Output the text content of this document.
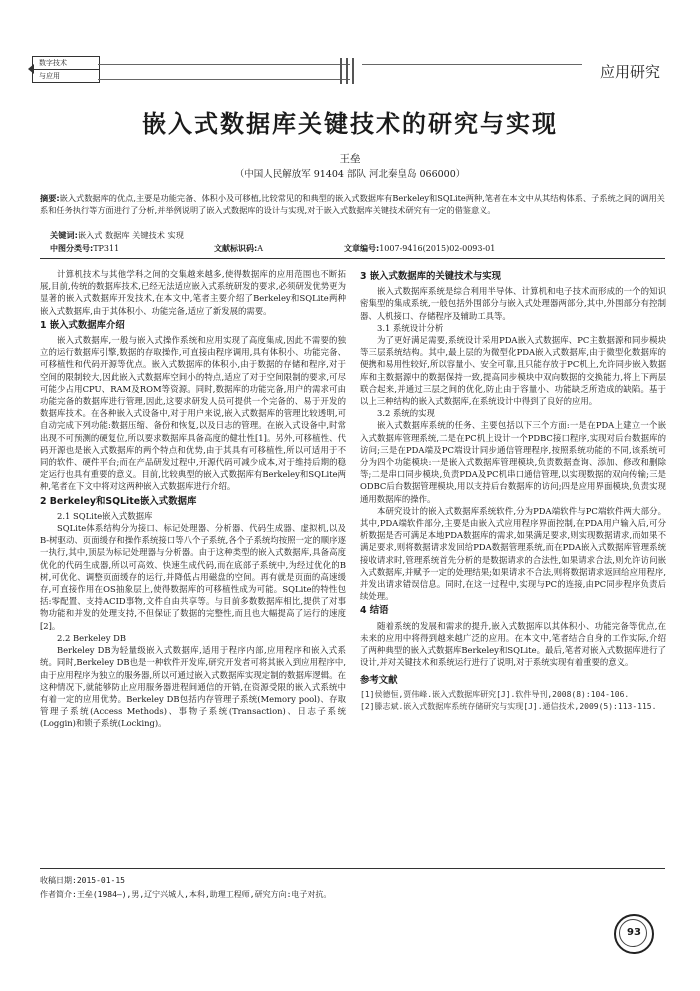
数字技术
与应用	应用研究
嵌入式数据库关键技术的研究与实现
王垒
（中国人民解放军 91404 部队 河北秦皇岛 066000）
摘要:嵌入式数据库的优点,主要是功能完备、体积小及可移植,比较常见的和典型的嵌入式数据库有Berkeley和SQLite两种,笔者在本文中从其结构体系、子系统之间的调用关系和任务执行等方面进行了分析,并举例说明了嵌入式数据库的设计与实现,对于嵌入式数据库关键技术研究有一定的借鉴意义。
关键词:嵌入式 数据库 关键技术 实现
中图分类号:TP311	文献标识码:A	文章编号:1007-9416(2015)02-0093-01

计算机技术与其他学科之间的交集越来越多,使得数据库的应用范围也不断拓展,目前,传统的数据库技术,已经无法适应嵌入式系统研发的要求,必须研发优势更为显著的嵌入式数据库开发技术,在本文中,笔者主要介绍了Berkeley和SQLite两种嵌入式数据库,由于其体积小、功能完备,适应了新发展的需要。

1 嵌入式数据库介绍

嵌入式数据库,一般与嵌入式操作系统和应用实现了高度集成,因此不需要的独立的运行数据库引擎,数据的存取操作,可直接由程序调用,具有体积小、功能完备、可移植性和代码开源等优点。嵌入式数据库的体积小,由于数据的存储和程序,对于空间的限制较大,因此嵌入式数据库空间小的特点,适应了对于空间限制的要求,可尽可能少占用CPU、RAM及ROM等资源。同时,数据库的功能完备,用户的需求可由功能完备的数据库进行管理,因此,这要求研发人员可提供一个完备的、易于开发的数据库技术。在各种嵌入式设备中,对于用户来说,嵌入式数据库的管理比较透明,可自动完成下列功能:数据压缩、备份和恢复,以及日志的管理。在嵌入式设备中,时常出现不可预测的硬复位,所以要求数据库具备高度的健壮性[1]。另外,可移植性、代码开源也是嵌入式数据库的两个特点和优势,由于其具有可移植性,所以可适用于不同的软件、硬件平台;而在产品研发过程中,开源代码可减少成本,对于维持后期的稳定运行也具有重要的意义。目前,比较典型的嵌入式数据库有Berkeley和SQLite两种,笔者在下文中将对这两种嵌入式数据库进行介绍。

2 Berkeley和SQLite嵌入式数据库
2.1 SQLite嵌入式数据库

SQLite体系结构分为接口、标记处理器、分析器、代码生成器、虚拟机,以及B-树驱动、页面缓存和操作系统接口等八个子系统,各个子系统均按照一定的顺序逐一执行,其中,顶层为标记处理器与分析器。由于这种类型的嵌入式数据库,具备高度优化的代码生成器,所以可高效、快速生成代码,而在底部子系统中,为经过优化的B树,可优化、调整页面缓存的运行,并降低占用磁盘的空间。再有就是页面的高速缓存,可直接作用在OS抽象层上,使得数据库的可移植性成为可能。SQLite的特性包括:零配置、支持ACID事物,文件自由共享等。与目前多数数据库相比,提供了对事物功能和并发的处理支持,不但保证了数据的完整性,而且也大幅提高了运行的速度[2]。

2.2 Berkeley DB

Berkeley DB为轻量级嵌入式数据库,适用于程序内部,应用程序和嵌入式系统。同时,Berkeley DB也是一种软件开发库,研究开发者可将其嵌入到应用程序中,由于应用程序为独立的服务器,所以可通过嵌入式数据库实现定制的数据库逻辑。在这种情况下,就能够防止应用服务器进程间通信的开销,在资源受限的嵌入式系统中有着一定的应用优势。Berkeley DB包括内存管理子系统(Memory pool)、存取管理子系统(Access Methods)、事物子系统(Transaction)、日志子系统(Loggin)和锁子系统(Locking)。

3 嵌入式数据库的关键技术与实现

嵌入式数据库系统是综合利用半导体、计算机和电子技术而形成的一个的知识密集型的集成系统,一般包括外围部分与嵌入式处理器两部分,其中,外围部分有控制器、人机接口、存储程序及辅助工具等。

3.1 系统设计分析

为了更好满足需要,系统设计采用PDA嵌入式数据库、PC主数据源和同步模块等三层系统结构。其中,最上层的为微型化PDA嵌入式数据库,由于微型化数据库的便携和易用性较好,所以容量小、安全可靠,且只能存放于PC机上,允许同步嵌入数据库和主数据源中的数据保持一致,提高同步模块中双向数据的交换能力,将上下两层联合起来,并通过三层之间的优化,防止由于容量小、功能缺乏所造成的缺陷。基于以上三种结构的嵌入式数据库,在系统设计中得到了良好的应用。

3.2 系统的实现

嵌入式数据库系统的任务、主要包括以下三个方面:一是在PDA上建立一个嵌入式数据库管理系统,二是在PC机上设计一个PDBC接口程序,实现对后台数据库的访问;三是在PDA端及PC端设计同步通信管理程序,按照系统功能的不同,该系统可分为四个功能模块:一是嵌入式数据库管理模块,负责数据查询、添加、修改和删除等;二是串口同步模块,负责PDA及PC机串口通信管理,以实现数据的双向传输;三是ODBC后台数据管理模块,用以支持后台数据库的访问;四是应用界面模块,负责实现通用数据库的操作。

本研究设计的嵌入式数据库系统软件,分为PDA端软件与PC端软件两大部分。其中,PDA端软件部分,主要是由嵌入式应用程序界面控制,在PDA用户输入后,可分析数据是否可满足本地PDA数据库的需求,如果满足要求,则实现数据请求,而如果不满足要求,则将数据请求发回给PDA数据管理系统,而在PDA嵌入式数据库管理系统接收请求时,管理系统首先分析的是数据请求的合法性,如果请求合法,则允许访问嵌入式数据库,并赋予一定的处理结果;如果请求不合法,则将数据请求返回给应用程序,并发出请求错误信息。同时,在这一过程中,实现与PC的连接,由PC同步程序负责后续处理。

4 结语

随着系统的发展和需求的提升,嵌入式数据库以其体积小、功能完备等优点,在未来的应用中将得到越来越广泛的应用。在本文中,笔者结合自身的工作实际,介绍了两种典型的嵌入式数据库Berkeley和SQLite。最后,笔者对嵌入式数据库进行了设计,并对关键技术和系统运行进行了说明,对于系统实现有着重要的意义。

参考文献

[1]侯德恒,贾伟峰.嵌入式数据库研究[J].软件导刊,2008(8):104-106.

[2]滕志斌.嵌入式数据库系统存储研究与实现[J].通信技术,2009(5):113-115.

收稿日期:2015-01-15
作者简介:王垒(1984—),男,辽宁兴城人,本科,助理工程师,研究方向:电子对抗。
93
